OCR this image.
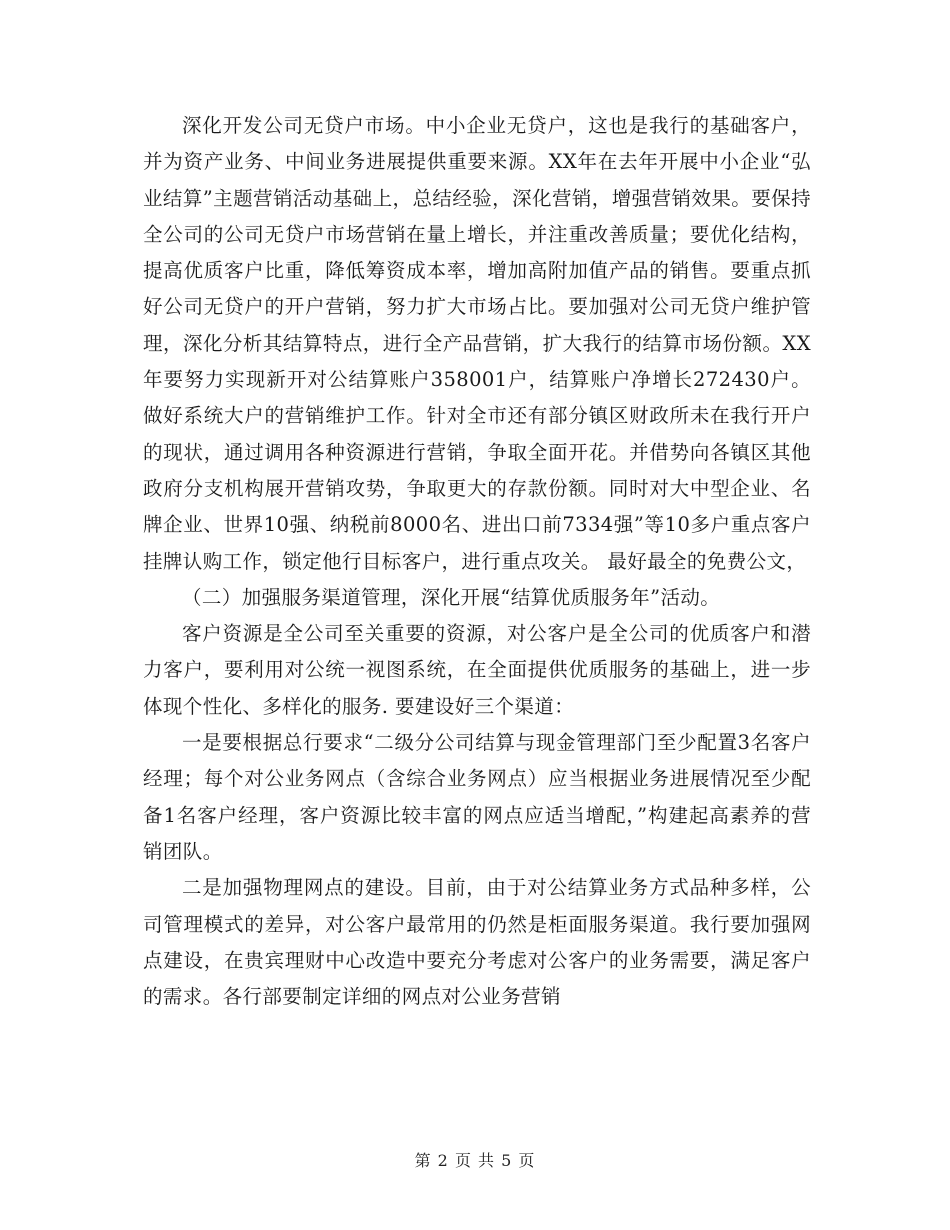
深化开发公司无贷户市场。中小企业无贷户，这也是我行的基础客户，并为资产业务、中间业务进展提供重要来源。XX年在去年开展中小企业“弘业结算”主题营销活动基础上，总结经验，深化营销，增强营销效果。要保持全公司的公司无贷户市场营销在量上增长，并注重改善质量；要优化结构，提高优质客户比重，降低筹资成本率，增加高附加值产品的销售。要重点抓好公司无贷户的开户营销，努力扩大市场占比。要加强对公司无贷户维护管理，深化分析其结算特点，进行全产品营销，扩大我行的结算市场份额。XX年要努力实现新开对公结算账户358001户，结算账户净增长272430户。 做好系统大户的营销维护工作。针对全市还有部分镇区财政所未在我行开户的现状，通过调用各种资源进行营销，争取全面开花。并借势向各镇区其他政府分支机构展开营销攻势，争取更大的存款份额。同时对大中型企业、名牌企业、世界10强、纳税前8000名、进出口前7334强”等10多户重点客户挂牌认购工作，锁定他行目标客户，进行重点攻关。 最好最全的免费公文，

（二）加强服务渠道管理，深化开展“结算优质服务年”活动。

客户资源是全公司至关重要的资源，对公客户是全公司的优质客户和潜力客户，要利用对公统一视图系统，在全面提供优质服务的基础上，进一步体现个性化、多样化的服务. 要建设好三个渠道：

一是要根据总行要求“二级分公司结算与现金管理部门至少配置3名客户经理；每个对公业务网点（含综合业务网点）应当根据业务进展情况至少配备1名客户经理，客户资源比较丰富的网点应适当增配，”构建起高素养的营销团队。

二是加强物理网点的建设。目前，由于对公结算业务方式品种多样，公司管理模式的差异，对公客户最常用的仍然是柜面服务渠道。我行要加强网点建设，在贵宾理财中心改造中要充分考虑对公客户的业务需要，满足客户的需求。各行部要制定详细的网点对公业务营销

第 2 页 共 5 页
